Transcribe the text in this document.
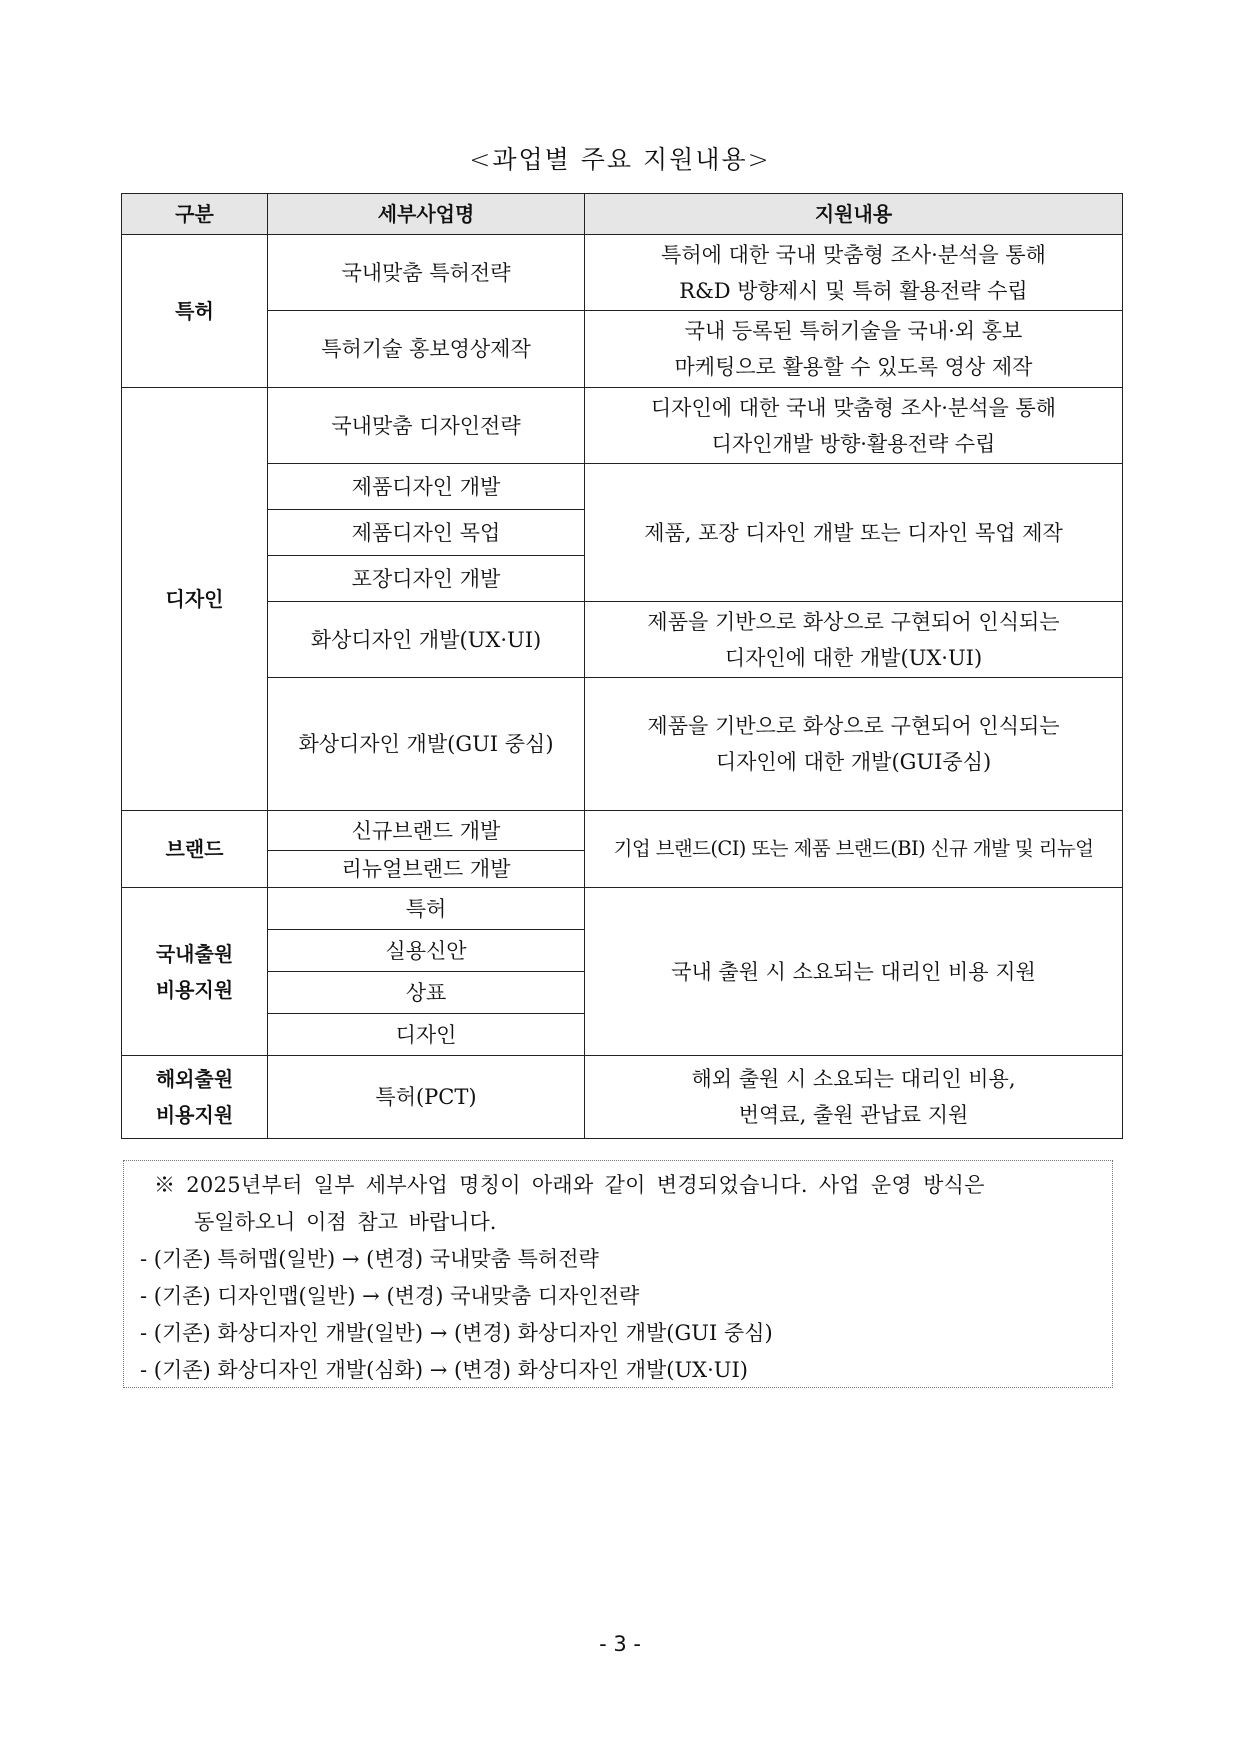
<과업별 주요 지원내용>
구분	세부사업명	지원내용
특허	국내맞춤 특허전략	특허에 대한 국내 맞춤형 조사·분석을 통해
R&D 방향제시 및 특허 활용전략 수립

	특허기술 홍보영상제작	국내 등록된 특허기술을 국내·외 홍보
마케팅으로 활용할 수 있도록 영상 제작

디자인	국내맞춤 디자인전략	디자인에 대한 국내 맞춤형 조사·분석을 통해
디자인개발 방향·활용전략 수립

	제품디자인 개발	제품, 포장 디자인 개발 또는 디자인 목업 제작
	제품디자인 목업	
	포장디자인 개발	
	화상디자인 개발(UX·UI)	제품을 기반으로 화상으로 구현되어 인식되는
디자인에 대한 개발(UX·UI)

	화상디자인 개발(GUI 중심)	제품을 기반으로 화상으로 구현되어 인식되는
디자인에 대한 개발(GUI중심)

브랜드	신규브랜드 개발	기업 브랜드(CI) 또는 제품 브랜드(BI) 신규 개발 및 리뉴얼
	리뉴얼브랜드 개발	

국내출원
비용지원	특허	국내 출원 시 소요되는 대리인 비용 지원
	실용신안	
	상표	
	디자인	

해외출원
비용지원	특허(PCT)	해외 출원 시 소요되는 대리인 비용,
번역료, 출원 관납료 지원
※ 2025년부터 일부 세부사업 명칭이 아래와 같이 변경되었습니다. 사업 운영 방식은
동일하오니 이점 참고 바랍니다.
- (기존) 특허맵(일반) → (변경) 국내맞춤 특허전략
- (기존) 디자인맵(일반) → (변경) 국내맞춤 디자인전략
- (기존) 화상디자인 개발(일반) → (변경) 화상디자인 개발(GUI 중심)
- (기존) 화상디자인 개발(심화) → (변경) 화상디자인 개발(UX·UI)
- 3 -
